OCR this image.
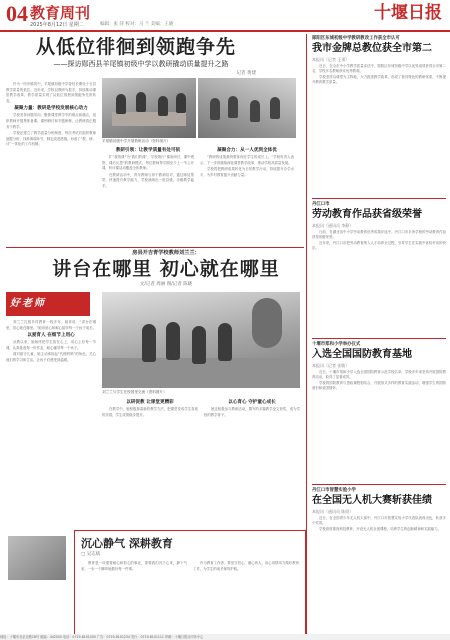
04 教育周刊
2025年8月12日 星期二	编辑：张 萍 校对：马 兰 美编：王晓
十堰日报
从低位徘徊到领跑争先
——探访郧西县羊尾镇初级中学以教研撬动质量提升之路
记者 黄建

作为一所乡镇初中，羊尾镇初级中学曾经长期处于全县教学质量的低位。近年来，学校以教研为抓手，持续推动课堂教学改革，教学质量实现了从低位徘徊到领跑争先的转变。

凝聚力量：教研是学校发展核心动力

学校坚持问题导向，聚焦课堂教学中的难点和痛点，组织教师开展集体备课、课例研讨和专题研修，让教研真正服务于教学。

学校还建立了教学质量分析制度，每次考试后组织教师逐题分析，找准薄弱环节，制定改进措施，形成了“教、研、评”一体化的工作机制。

羊尾镇初级中学开展教研活动（资料图片）
教研引领：让教学质量有处可依

扩“我的课”为“我们的课”，学校推行“课前研讨、课中观察、课后反思”的教研模式，每位教师每学期至少上一节公开课，听评课活动覆盖全体教师。

在教研活动中，青年教师与骨干教师结对，通过师徒帮带，快速提升教学能力，学校涌现出一批县级、市级教学能手。

凝聚合力：从一人优到全体优

“教研的成果最终要体现在学生的成长上。”学校负责人表示，下一步将继续深化课堂教学改革，推动学校高质量发展。

学校将把教研成果转化为日常教学行动，持续提升办学水平，为乡村教育振兴贡献力量。

郧阳区东城初级中学教研教改工作获全市认可
我市金牌总教位获全市第二
本报讯（记者 王勇）

近日，在全市中小学教学质量评估中，郧阳区东城初级中学以优异成绩获得全市第二名，学校多名教师获评优秀教师。

学校坚持以课堂为主阵地，大力推进教学改革，形成了独具特色的教研体系，不断提升教育教学质量。

丹江口市
劳动教育作品获省级荣誉
本报讯（通讯员 李静）

日前，在湖北省中小学劳动教育优秀成果评选中，丹江口市多所学校的劳动教育作品获得省级荣誉。

近年来，丹江口市把劳动教育纳入人才培养全过程，引导学生在实践中体验劳动的快乐。

十堰市郑和小学举办仪式
入选全国国防教育基地
本报讯（记者 张敏）

近日，十堰市郑和小学入选全国国防教育示范学校名单，学校多年来坚持开展国防教育活动，取得了显著成效。

学校将国防教育与思政课程相结合，开展形式多样的教育实践活动，增强学生的国防意识和爱国情怀。

丹江口市智慧实验小学
在全国无人机大赛斩获佳绩
本报讯（通讯员 陈阳）

近日，在全国青少年无人机大赛中，丹江口市智慧实验小学代表队表现出色，斩获多个奖项。

学校高度重视科技教育，开设无人机社团课程，培养学生的创新精神和实践能力。

房县开吉青学校教师刘兰兰：
讲台在哪里 初心就在哪里
文/记者 周丽 图/记者 陈晓
好老师

刘兰兰扎根乡村教育一线多年，她常说：“讲台在哪里，初心就在哪里。”她用爱心和耐心陪伴每一个孩子成长。

以爱育人 在细节上用心

从教以来，她始终把学生放在心上，用心上好每一节课，认真批改每一份作业，耐心辅导每一个孩子。

面对留守儿童，她主动承担起“代理妈妈”的角色，关心他们的学习和生活，让孩子们感受到温暖。

刘兰兰与学生在校园里交流（资料图片）
以研促教 让课堂更精彩

在教学中，她积极探索新的教学方法，把课堂变成学生喜欢的乐园，学生成绩稳步提升。

以心育心 守护童心成长

她还积极参与教研活动，撰写的多篇教学论文获奖，成为学校的教学骨干。

沉心静气 深耕教育
□ 吴志斌

教育是一项需要耐心和恒心的事业，需要我们沉下心来，静下气来，一步一个脚印地做好每一件事。

作为教育工作者，要坚守初心，潜心育人，用心用情用力做好教育工作，为学生的成长保驾护航。

地址：十堰市北京北路18号 邮编：442000 电话：0719-8101000 广告：0719-8101234 发行：0719-8101111 印刷：十堰日报社印务中心
